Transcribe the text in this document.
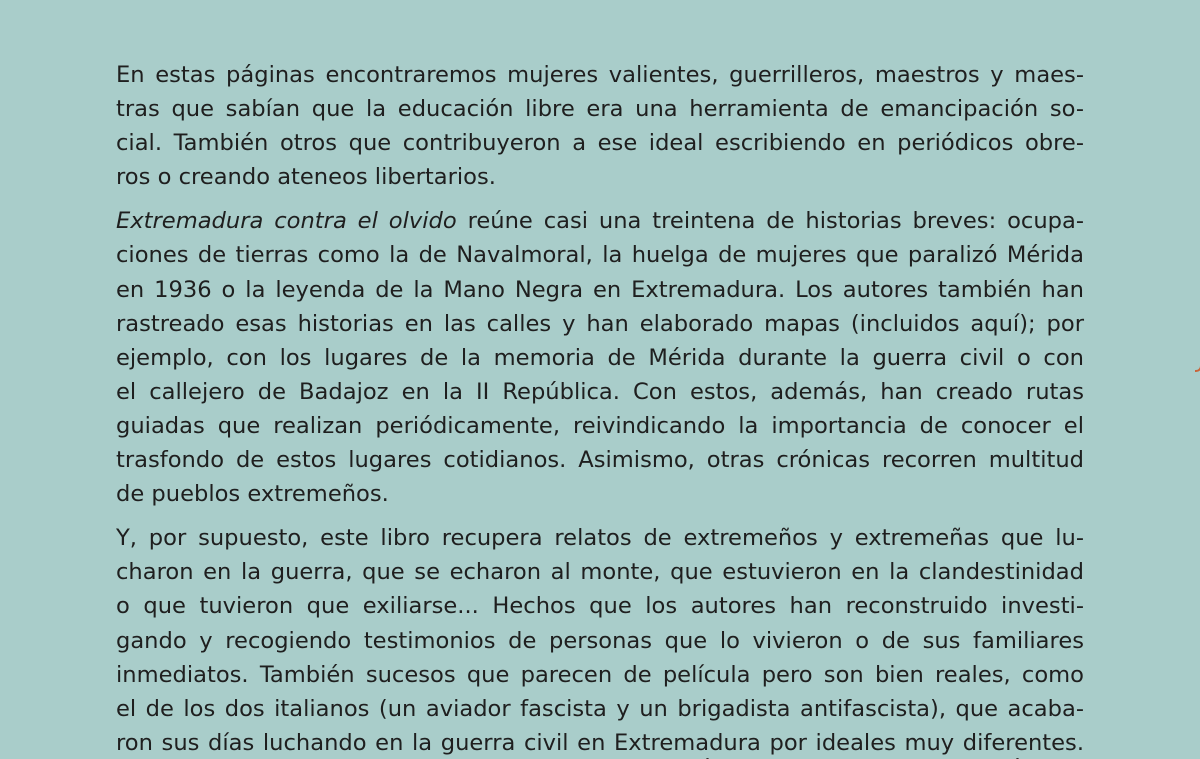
En estas páginas encontraremos mujeres valientes, guerrilleros, maestros y maes-
tras que sabían que la educación libre era una herramienta de emancipación so-
cial. También otros que contribuyeron a ese ideal escribiendo en periódicos obre-
ros o creando ateneos libertarios.
Extremadura contra el olvido reúne casi una treintena de historias breves: ocupa-
ciones de tierras como la de Navalmoral, la huelga de mujeres que paralizó Mérida
en 1936 o la leyenda de la Mano Negra en Extremadura. Los autores también han
rastreado esas historias en las calles y han elaborado mapas (incluidos aquí); por
ejemplo, con los lugares de la memoria de Mérida durante la guerra civil o con
el callejero de Badajoz en la II República. Con estos, además, han creado rutas
guiadas que realizan periódicamente, reivindicando la importancia de conocer el
trasfondo de estos lugares cotidianos. Asimismo, otras crónicas recorren multitud
de pueblos extremeños.
Y, por supuesto, este libro recupera relatos de extremeños y extremeñas que lu-
charon en la guerra, que se echaron al monte, que estuvieron en la clandestinidad
o que tuvieron que exiliarse... Hechos que los autores han reconstruido investi-
gando y recogiendo testimonios de personas que lo vivieron o de sus familiares
inmediatos. También sucesos que parecen de película pero son bien reales, como
el de los dos italianos (un aviador fascista y un brigadista antifascista), que acaba-
ron sus días luchando en la guerra civil en Extremadura por ideales muy diferentes.
